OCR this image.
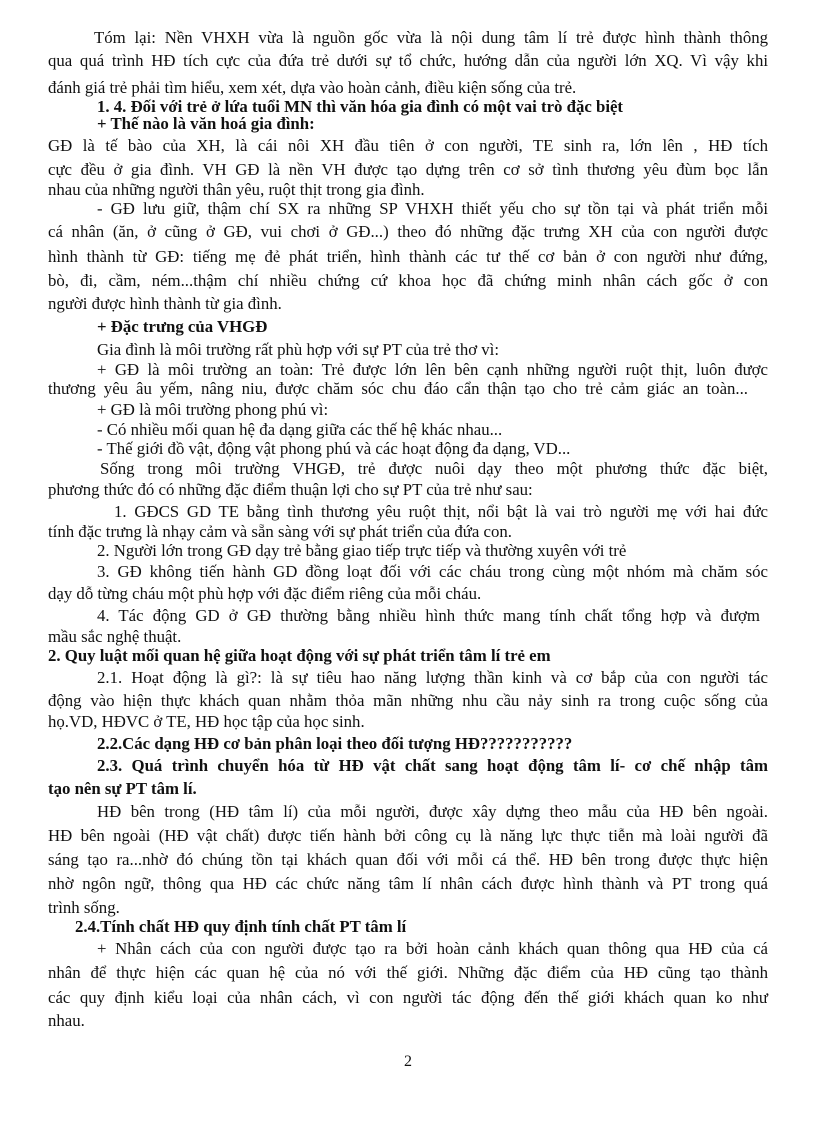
Tóm lại: Nền VHXH vừa là nguồn gốc vừa là nội dung tâm lí trẻ được hình thành thông
qua quá trình HĐ tích cực của đứa trẻ dưới sự tổ chức, hướng dẫn của người lớn XQ. Vì vậy khi
đánh giá trẻ phải tìm hiểu, xem xét, dựa vào hoàn cảnh, điều kiện sống của trẻ.
1. 4. Đối với trẻ ở lứa tuổi MN thì văn hóa gia đình có một vai trò đặc biệt
+ Thế nào là văn hoá gia đình:
GĐ là tế bào của XH, là cái nôi XH đầu tiên ở con người, TE sinh ra, lớn lên , HĐ tích
cực đều ở gia đình. VH GĐ là nền VH được tạo dựng trên cơ sở tình thương yêu đùm bọc lẫn
nhau của những người thân yêu, ruột thịt trong gia đình.
- GĐ lưu giữ, thậm chí SX ra những SP VHXH thiết yếu cho sự tồn tại và phát triển mỗi
cá nhân (ăn, ở cũng ở GĐ, vui chơi ở GĐ...) theo đó những đặc trưng XH của con người được
hình thành từ GĐ: tiếng mẹ đẻ phát triển, hình thành các tư thế cơ bản ở con người như đứng,
bò, đi, cầm, ném...thậm chí nhiều chứng cứ khoa học đã chứng minh nhân cách gốc ở con
người được hình thành từ gia đình.
+ Đặc trưng của VHGĐ
Gia đình là môi trường rất phù hợp với sự PT của trẻ thơ vì:
+ GĐ là môi trường an toàn: Trẻ được lớn lên bên cạnh những người ruột thịt, luôn được
thương yêu âu yếm, nâng niu, được chăm sóc chu đáo cẩn thận tạo cho trẻ cảm giác an toàn...
+ GĐ là môi trường phong phú vì:
- Có nhiều mối quan hệ đa dạng giữa các thế hệ khác nhau...
- Thế giới đồ vật, động vật phong phú và các hoạt động đa dạng, VD...
Sống trong môi trường VHGĐ, trẻ được nuôi dạy theo một phương thức đặc biệt,
phương thức đó có những đặc điểm thuận lợi cho sự PT của trẻ như sau:
1. GĐCS GD TE bằng tình thương yêu ruột thịt, nổi bật là vai trò người mẹ với hai đức
tính đặc trưng là nhạy cảm và sẵn sàng với sự phát triển của đứa con.
2. Người lớn trong GĐ dạy trẻ bằng giao tiếp trực tiếp và thường xuyên với trẻ
3. GĐ không tiến hành GD đồng loạt đối với các cháu trong cùng một nhóm mà chăm sóc
dạy dỗ từng cháu một phù hợp với đặc điểm riêng của mỗi cháu.
4. Tác động GD ở GĐ thường bằng nhiều hình thức mang tính chất tổng hợp và đượm
mầu sắc nghệ thuật.
2. Quy luật mối quan hệ giữa hoạt động với sự phát triển tâm lí trẻ em
2.1. Hoạt động là gì?: là sự tiêu hao năng lượng thần kinh và cơ bắp của con người tác
động vào hiện thực khách quan nhằm thỏa mãn những nhu cầu nảy sinh ra trong cuộc sống của
họ.VD, HĐVC ở TE, HĐ học tập của học sinh.
2.2.Các dạng HĐ cơ bản phân loại theo đối tượng HĐ???????????
2.3. Quá trình chuyển hóa từ HĐ vật chất sang hoạt động tâm lí- cơ chế nhập tâm
tạo nên sự PT tâm lí.
HĐ bên trong (HĐ tâm lí) của mỗi người, được xây dựng theo mẫu của HĐ bên ngoài.
HĐ bên ngoài (HĐ vật chất) được tiến hành bởi công cụ là năng lực thực tiễn mà loài người đã
sáng tạo ra...nhờ đó chúng tồn tại khách quan đối với mỗi cá thể. HĐ bên trong được thực hiện
nhờ ngôn ngữ, thông qua HĐ các chức năng tâm lí nhân cách được hình thành và PT trong quá
trình sống.
2.4.Tính chất HĐ quy định tính chất PT tâm lí
+ Nhân cách của con người được tạo ra bởi hoàn cảnh khách quan thông qua HĐ của cá
nhân để thực hiện các quan hệ của nó với thế giới. Những đặc điểm của HĐ cũng tạo thành
các quy định kiểu loại của nhân cách, vì con người tác động đến thế giới khách quan ko như
nhau.
2
